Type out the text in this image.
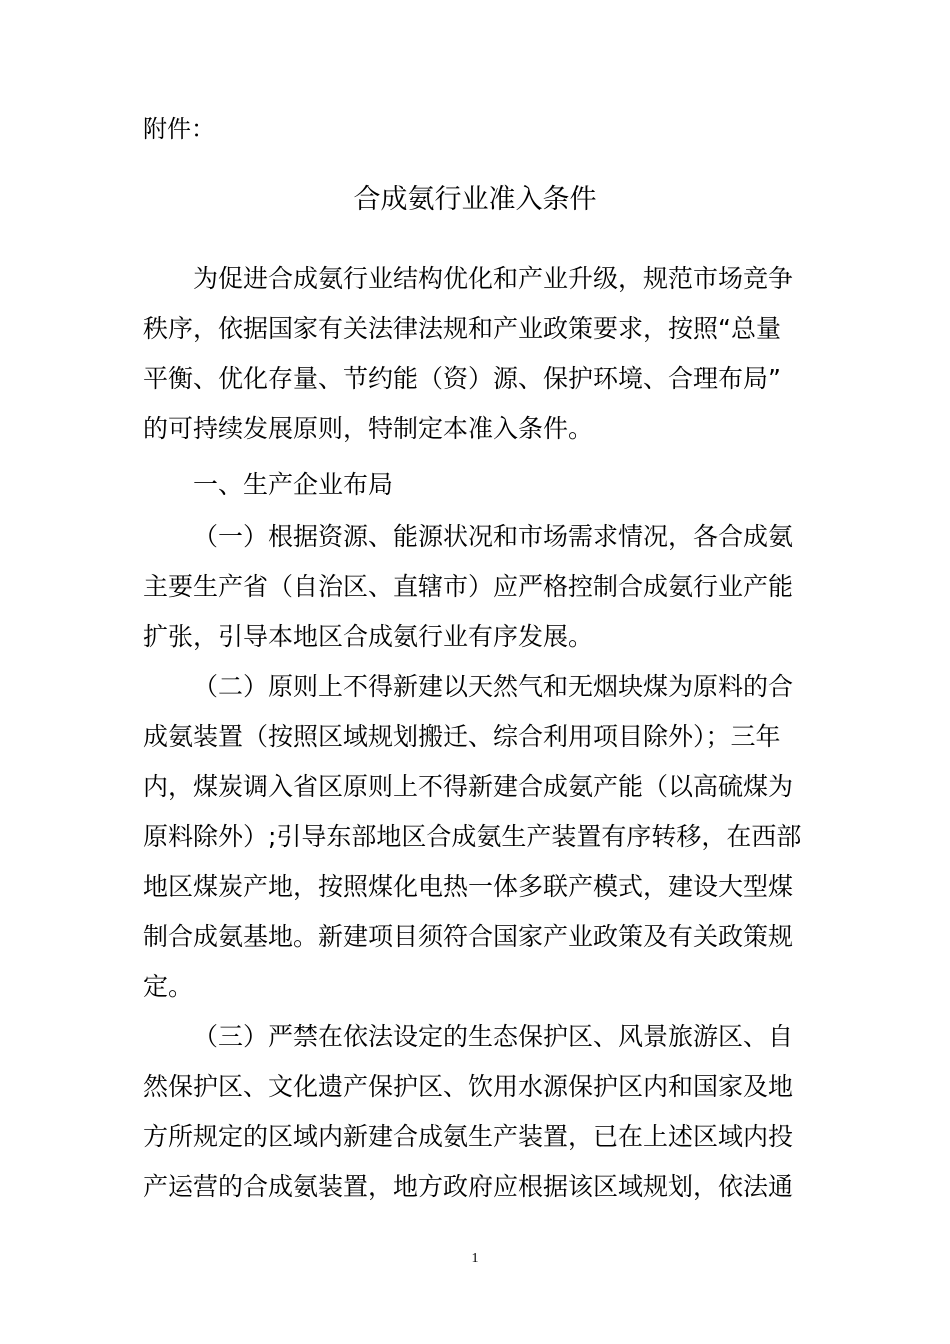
附件：
合成氨行业准入条件
为促进合成氨行业结构优化和产业升级，规范市场竞争
秩序，依据国家有关法律法规和产业政策要求，按照“总量
平衡、优化存量、节约能（资）源、保护环境、合理布局”
的可持续发展原则，特制定本准入条件。
一、生产企业布局
（一）根据资源、能源状况和市场需求情况，各合成氨
主要生产省（自治区、直辖市）应严格控制合成氨行业产能
扩张，引导本地区合成氨行业有序发展。
（二）原则上不得新建以天然气和无烟块煤为原料的合
成氨装置（按照区域规划搬迁、综合利用项目除外）；三年
内，煤炭调入省区原则上不得新建合成氨产能（以高硫煤为
原料除外）;引导东部地区合成氨生产装置有序转移，在西部
地区煤炭产地，按照煤化电热一体多联产模式，建设大型煤
制合成氨基地。新建项目须符合国家产业政策及有关政策规
定。
（三）严禁在依法设定的生态保护区、风景旅游区、自
然保护区、文化遗产保护区、饮用水源保护区内和国家及地
方所规定的区域内新建合成氨生产装置，已在上述区域内投
产运营的合成氨装置，地方政府应根据该区域规划，依法通
1
